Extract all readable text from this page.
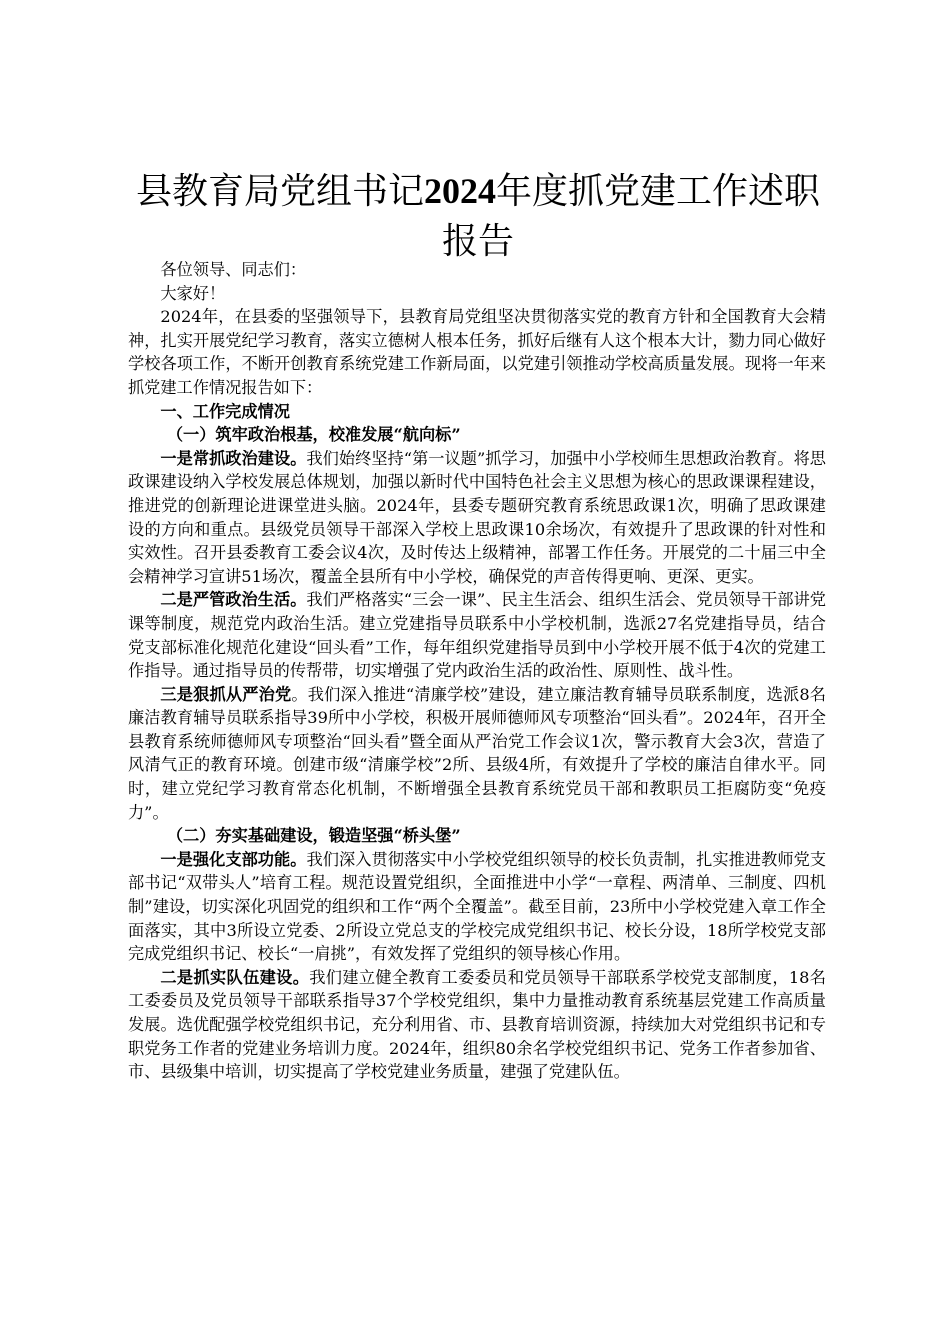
县教育局党组书记2024年度抓党建工作述职
报告

各位领导、同志们：

大家好！

2024年，在县委的坚强领导下，县教育局党组坚决贯彻落实党的教育方针和全国教育大会精神，扎实开展党纪学习教育，落实立德树人根本任务，抓好后继有人这个根本大计，勠力同心做好学校各项工作，不断开创教育系统党建工作新局面，以党建引领推动学校高质量发展。现将一年来抓党建工作情况报告如下：

一、工作完成情况

（一）筑牢政治根基，校准发展“航向标”

一是常抓政治建设。我们始终坚持“第一议题”抓学习，加强中小学校师生思想政治教育。将思政课建设纳入学校发展总体规划，加强以新时代中国特色社会主义思想为核心的思政课课程建设，推进党的创新理论进课堂进头脑。2024年，县委专题研究教育系统思政课1次，明确了思政课建设的方向和重点。县级党员领导干部深入学校上思政课10余场次，有效提升了思政课的针对性和实效性。召开县委教育工委会议4次，及时传达上级精神，部署工作任务。开展党的二十届三中全会精神学习宣讲51场次，覆盖全县所有中小学校，确保党的声音传得更响、更深、更实。

二是严管政治生活。我们严格落实“三会一课”、民主生活会、组织生活会、党员领导干部讲党课等制度，规范党内政治生活。建立党建指导员联系中小学校机制，选派27名党建指导员，结合党支部标准化规范化建设“回头看”工作，每年组织党建指导员到中小学校开展不低于4次的党建工作指导。通过指导员的传帮带，切实增强了党内政治生活的政治性、原则性、战斗性。

三是狠抓从严治党。我们深入推进“清廉学校”建设，建立廉洁教育辅导员联系制度，选派8名廉洁教育辅导员联系指导39所中小学校，积极开展师德师风专项整治“回头看”。2024年，召开全县教育系统师德师风专项整治“回头看”暨全面从严治党工作会议1次，警示教育大会3次，营造了风清气正的教育环境。创建市级“清廉学校”2所、县级4所，有效提升了学校的廉洁自律水平。同时，建立党纪学习教育常态化机制，不断增强全县教育系统党员干部和教职员工拒腐防变“免疫力”。

（二）夯实基础建设，锻造坚强“桥头堡”

一是强化支部功能。我们深入贯彻落实中小学校党组织领导的校长负责制，扎实推进教师党支部书记“双带头人”培育工程。规范设置党组织，全面推进中小学“一章程、两清单、三制度、四机制”建设，切实深化巩固党的组织和工作“两个全覆盖”。截至目前，23所中小学校党建入章工作全面落实，其中3所设立党委、2所设立党总支的学校完成党组织书记、校长分设，18所学校党支部完成党组织书记、校长“一肩挑”，有效发挥了党组织的领导核心作用。

二是抓实队伍建设。我们建立健全教育工委委员和党员领导干部联系学校党支部制度，18名工委委员及党员领导干部联系指导37个学校党组织，集中力量推动教育系统基层党建工作高质量发展。选优配强学校党组织书记，充分利用省、市、县教育培训资源，持续加大对党组织书记和专职党务工作者的党建业务培训力度。2024年，组织80余名学校党组织书记、党务工作者参加省、市、县级集中培训，切实提高了学校党建业务质量，建强了党建队伍。
